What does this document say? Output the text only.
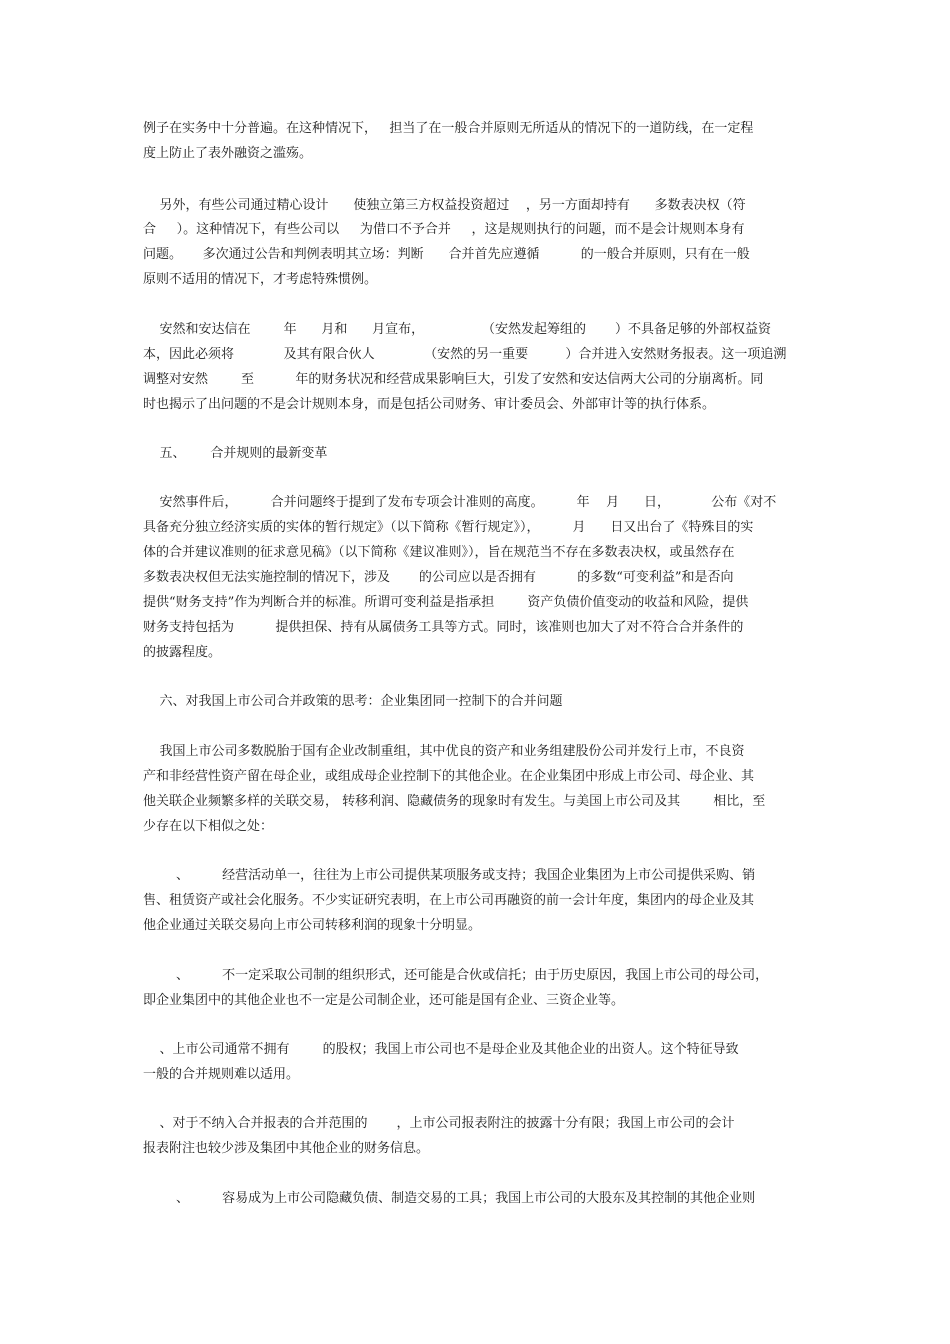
例子在实务中十分普遍。在这种情况下，   担当了在一般合并原则无所适从的情况下的一道防线，在一定程
度上防止了表外融资之滥殇。
另外，有些公司通过精心设计      使独立第三方权益投资超过    ，另一方面却持有      多数表决权（符
合     ）。这种情况下，有些公司以     为借口不予合并     ，这是规则执行的问题，而不是会计规则本身有
问题。     多次通过公告和判例表明其立场：判断      合并首先应遵循          的一般合并原则，只有在一般
原则不适用的情况下，才考虑特殊惯例。
安然和安达信在        年      月和      月宣布，              （安然发起筹组的       ）不具备足够的外部权益资
本，因此必须将            及其有限合伙人            （安然的另一重要         ）合并进入安然财务报表。这一项追溯
调整对安然        至          年的财务状况和经营成果影响巨大，引发了安然和安达信两大公司的分崩离析。同
时也揭示了出问题的不是会计规则本身，而是包括公司财务、审计委员会、外部审计等的执行体系。
五、      合并规则的最新变革
安然事件后，        合并问题终于提到了发布专项会计准则的高度。        年    月      日，          公布《对不
具备充分独立经济实质的实体的暂行规定》（以下简称《暂行规定》），        月      日又出台了《特殊目的实
体的合并建议准则的征求意见稿》（以下简称《建议准则》），旨在规范当不存在多数表决权，或虽然存在
多数表决权但无法实施控制的情况下，涉及       的公司应以是否拥有          的多数“可变利益”和是否向
提供“财务支持”作为判断合并的标准。所谓可变利益是指承担        资产负债价值变动的收益和风险，提供
财务支持包括为          提供担保、持有从属债务工具等方式。同时，该准则也加大了对不符合合并条件的
的披露程度。
六、对我国上市公司合并政策的思考：企业集团同一控制下的合并问题
我国上市公司多数脱胎于国有企业改制重组，其中优良的资产和业务组建股份公司并发行上市，不良资
产和非经营性资产留在母企业，或组成母企业控制下的其他企业。在企业集团中形成上市公司、母企业、其
他关联企业频繁多样的关联交易， 转移利润、隐藏债务的现象时有发生。与美国上市公司及其        相比，至
少存在以下相似之处：
、        经营活动单一，往往为上市公司提供某项服务或支持；我国企业集团为上市公司提供采购、销
售、租赁资产或社会化服务。不少实证研究表明，在上市公司再融资的前一会计年度，集团内的母企业及其
他企业通过关联交易向上市公司转移利润的现象十分明显。
、        不一定采取公司制的组织形式，还可能是合伙或信托；由于历史原因，我国上市公司的母公司，
即企业集团中的其他企业也不一定是公司制企业，还可能是国有企业、三资企业等。
、上市公司通常不拥有        的股权；我国上市公司也不是母企业及其他企业的出资人。这个特征导致
一般的合并规则难以适用。
、对于不纳入合并报表的合并范围的       ，上市公司报表附注的披露十分有限；我国上市公司的会计
报表附注也较少涉及集团中其他企业的财务信息。
、        容易成为上市公司隐藏负债、制造交易的工具；我国上市公司的大股东及其控制的其他企业则
